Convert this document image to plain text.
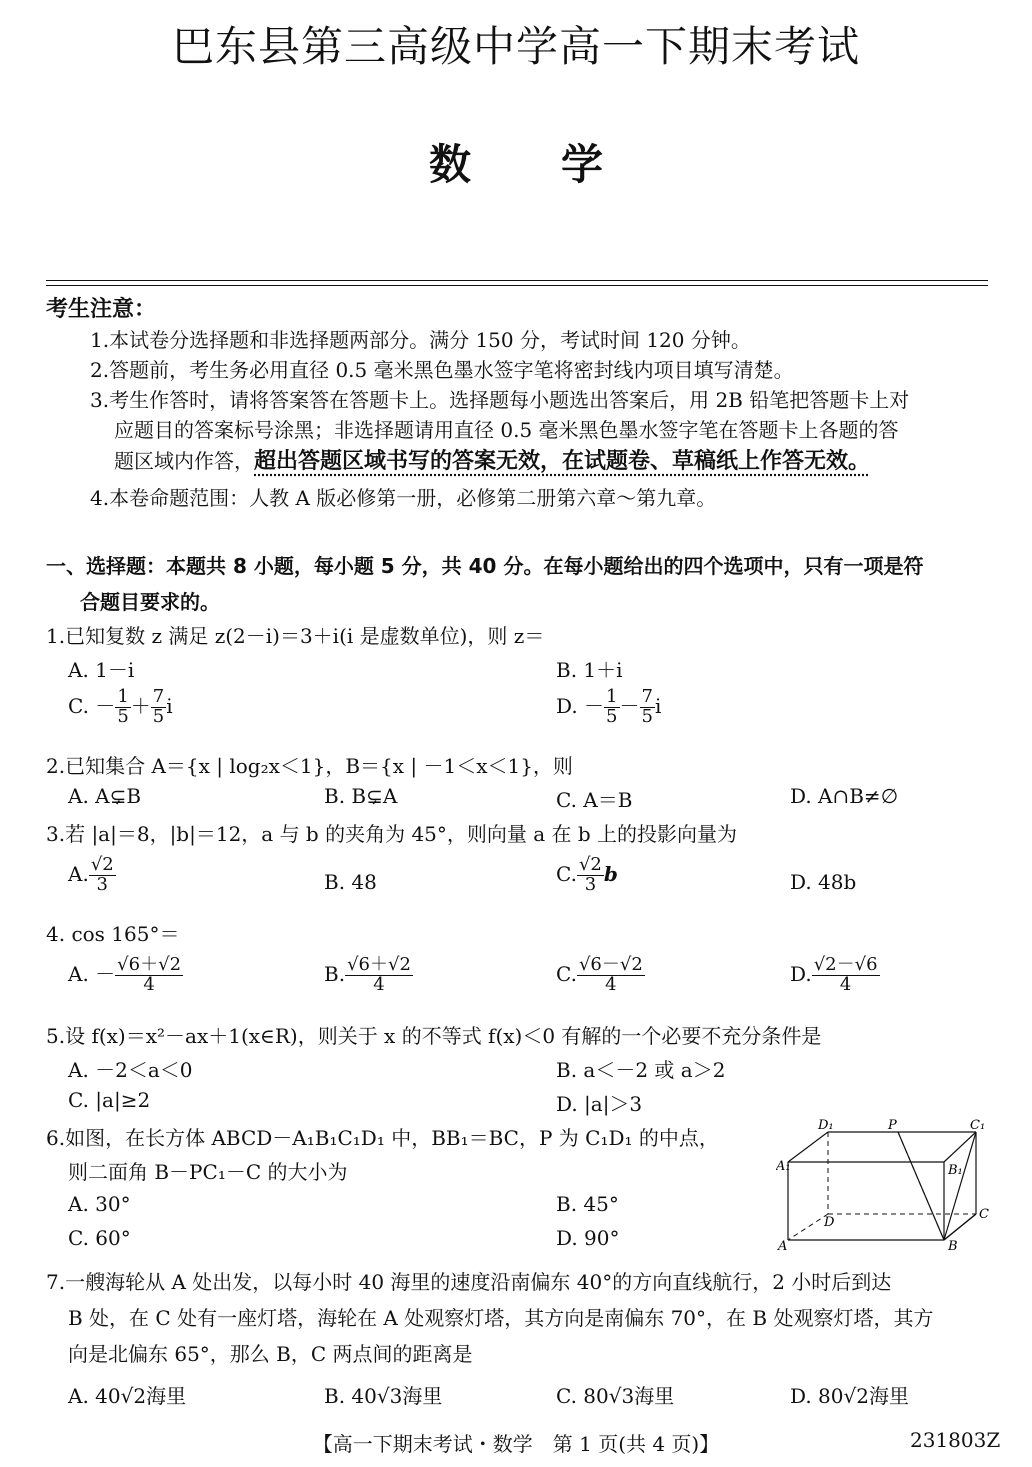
巴东县第三高级中学高一下期末考试
数学
考生注意：
1.本试卷分选择题和非选择题两部分。满分 150 分，考试时间 120 分钟。
2.答题前，考生务必用直径 0.5 毫米黑色墨水签字笔将密封线内项目填写清楚。
3.考生作答时，请将答案答在答题卡上。选择题每小题选出答案后，用 2B 铅笔把答题卡上对
应题目的答案标号涂黑；非选择题请用直径 0.5 毫米黑色墨水签字笔在答题卡上各题的答
题区域内作答，超出答题区域书写的答案无效，在试题卷、草稿纸上作答无效。
4.本卷命题范围：人教 A 版必修第一册，必修第二册第六章～第九章。
一、选择题：本题共 8 小题，每小题 5 分，共 40 分。在每小题给出的四个选项中，只有一项是符
合题目要求的。
1.已知复数 z 满足 z(2－i)＝3＋i(i 是虚数单位)，则 z＝
A. 1－i	B. 1＋i
C. － $\frac{1}{5} + \frac{7}{5}$ i	D. － $\frac{1}{5} - \frac{7}{5}$ i
2.已知集合 A＝{x | log₂x＜1}，B＝{x | －1＜x＜1}，则
A. A⊊B	B. B⊊A	C. A＝B	D. A∩B≠∅
3.若 |a|＝8，|b|＝12，a 与 b 的夹角为 45°，则向量 a 在 b 上的投影向量为
A. $\frac{√2}{3}$	B. 48	C. $\frac{√2}{3}$ b	D. 48b
4. cos 165°＝
A. － $\frac{√6+√2}{4}$	B. $\frac{√6+√2}{4}$	C. $\frac{√6-√2}{4}$	D. $\frac{√2-√6}{4}$
5.设 f(x)＝x²－ax＋1(x∈R)，则关于 x 的不等式 f(x)＜0 有解的一个必要不充分条件是
A. －2＜a＜0	B. a＜－2 或 a＞2
C. |a|≥2	D. |a|＞3
6.如图，在长方体 ABCD－A₁B₁C₁D₁ 中，BB₁＝BC，P 为 C₁D₁ 的中点，
则二面角 B－PC₁－C 的大小为
A. 30°	B. 45°
C. 60°	D. 90°
D₁	P	C₁
A₁	B₁
C
D
A	B
7.一艘海轮从 A 处出发，以每小时 40 海里的速度沿南偏东 40°的方向直线航行，2 小时后到达
B 处，在 C 处有一座灯塔，海轮在 A 处观察灯塔，其方向是南偏东 70°，在 B 处观察灯塔，其方
向是北偏东 65°，那么 B，C 两点间的距离是
A. 40√2海里	B. 40√3海里	C. 80√3海里	D. 80√2海里
【高一下期末考试・数学　第 1 页(共 4 页)】	231803Z
